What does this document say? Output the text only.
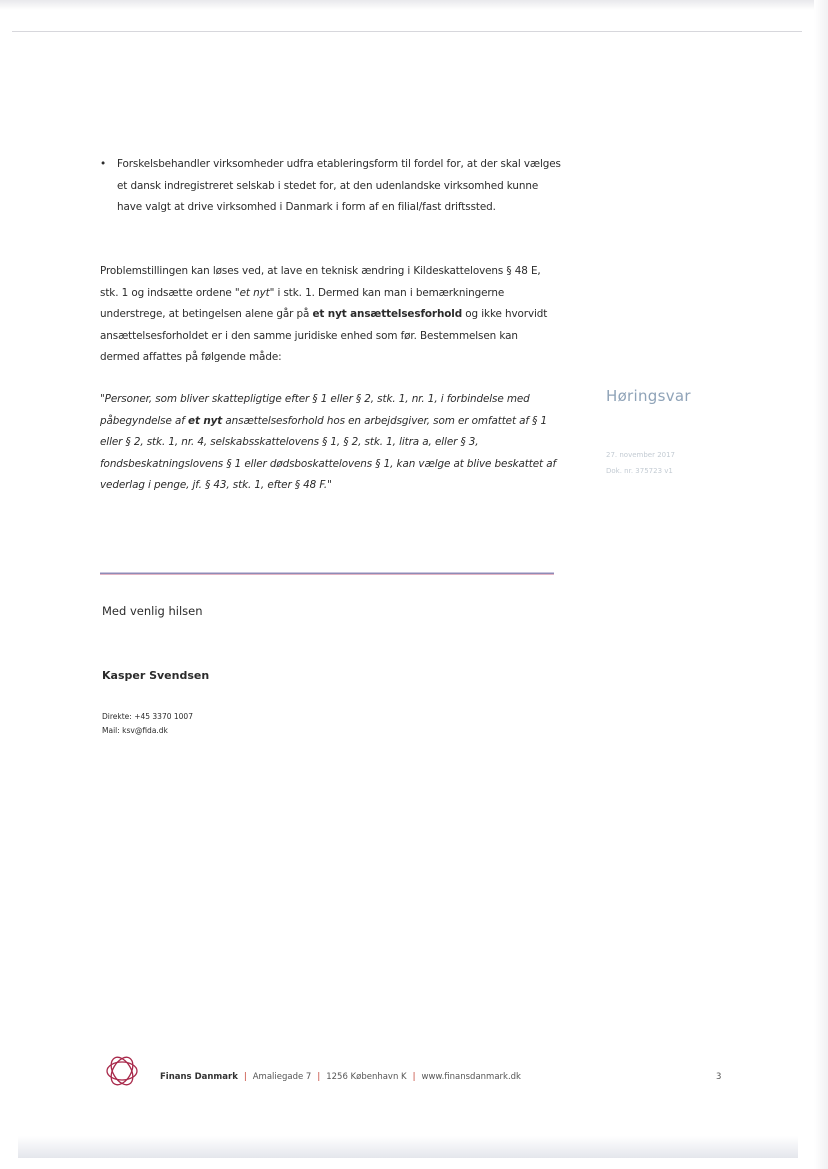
• Forskelsbehandler virksomheder udfra etableringsform til fordel for, at der skal vælges et dansk indregistreret selskab i stedet for, at den udenlandske virksomhed kunne have valgt at drive virksomhed i Danmark i form af en filial/fast driftssted.
Problemstillingen kan løses ved, at lave en teknisk ændring i Kildeskattelovens § 48 E, stk. 1 og indsætte ordene "et nyt" i stk. 1. Dermed kan man i bemærkningerne understrege, at betingelsen alene går på et nyt ansættelsesforhold og ikke hvorvidt ansættelsesforholdet er i den samme juridiske enhed som før. Bestemmelsen kan dermed affattes på følgende måde:
"Personer, som bliver skattepligtige efter § 1 eller § 2, stk. 1, nr. 1, i forbindelse med påbegyndelse af et nyt ansættelsesforhold hos en arbejdsgiver, som er omfattet af § 1 eller § 2, stk. 1, nr. 4, selskabsskattelovens § 1, § 2, stk. 1, litra a, eller § 3, fondsbeskatningslovens § 1 eller dødsboskattelovens § 1, kan vælge at blive beskattet af vederlag i penge, jf. § 43, stk. 1, efter § 48 F."
Høringsvar
27. november 2017
Dok. nr. 375723 v1
Med venlig hilsen
Kasper Svendsen
Direkte: +45 3370 1007
Mail: ksv@fida.dk
Finans Danmark | Amaliegade 7 | 1256 København K | www.finansdanmark.dk	3
